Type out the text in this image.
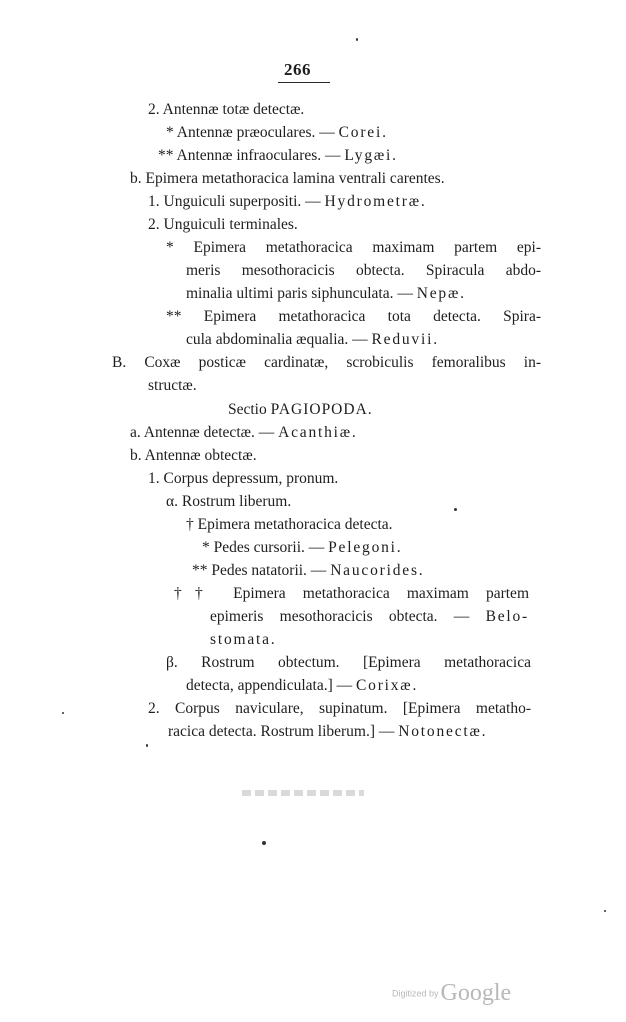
266
2. Antennæ totæ detectæ.
* Antennæ præoculares. — Corei.
** Antennæ infraoculares. — Lygæi.
b. Epimera metathoracica lamina ventrali carentes.
1. Unguiculi superpositi. — Hydrometræ.
2. Unguiculi terminales.
* Epimera metathoracica maximam partem epi-
meris mesothoracicis obtecta. Spiracula abdo-
minalia ultimi paris siphunculata. — Nepæ.
** Epimera metathoracica tota detecta. Spira-
cula abdominalia æqualia. — Reduvii.
B. Coxæ posticæ cardinatæ, scrobiculis femoralibus in-
structæ.
Sectio PAGIOPODA.
a. Antennæ detectæ. — Acanthiæ.
b. Antennæ obtectæ.
1. Corpus depressum, pronum.
α. Rostrum liberum.
† Epimera metathoracica detecta.
* Pedes cursorii. — Pelegoni.
** Pedes natatorii. — Naucorides.
†† Epimera metathoracica maximam partem
epimeris mesothoracicis obtecta. — Belo-
stomata.
β. Rostrum obtectum. [Epimera metathoracica
detecta, appendiculata.] — Corixæ.
2. Corpus naviculare, supinatum. [Epimera metatho-
racica detecta. Rostrum liberum.] — Notonectæ.
Digitized byGoogle
